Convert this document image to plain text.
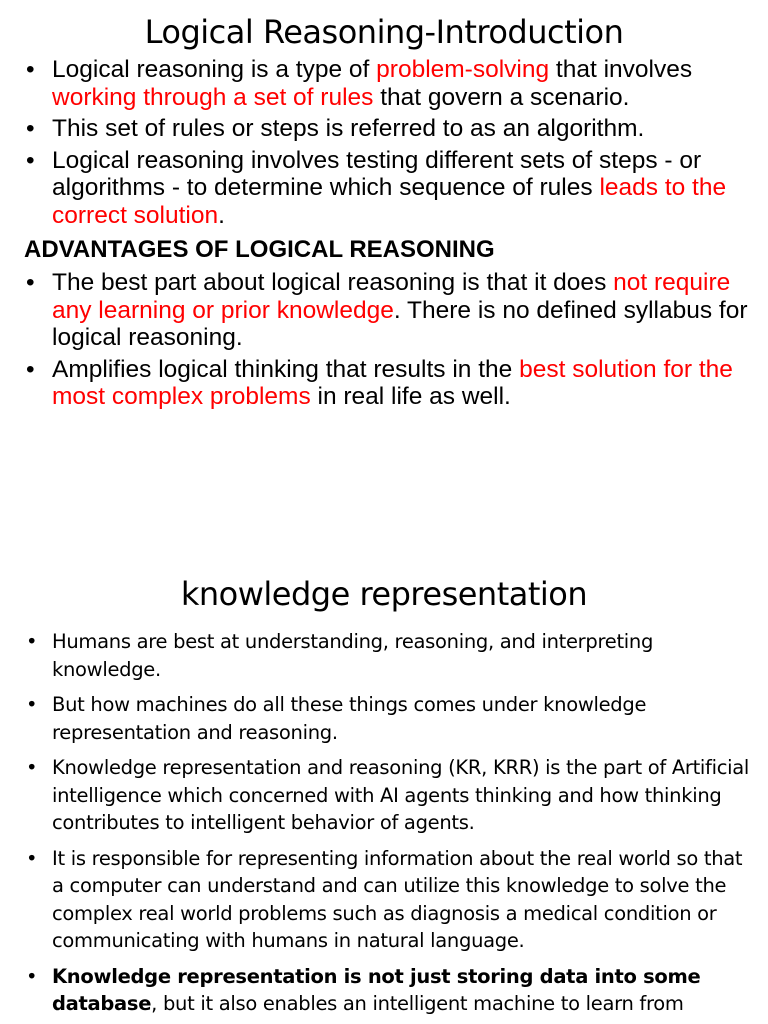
Logical Reasoning-Introduction
• Logical reasoning is a type of problem-solving that involves working through a set of rules that govern a scenario.
• This set of rules or steps is referred to as an algorithm.
• Logical reasoning involves testing different sets of steps - or algorithms - to determine which sequence of rules leads to the correct solution.
ADVANTAGES OF LOGICAL REASONING
• The best part about logical reasoning is that it does not require any learning or prior knowledge. There is no defined syllabus for logical reasoning.
• Amplifies logical thinking that results in the best solution for the most complex problems in real life as well.
knowledge representation
• Humans are best at understanding, reasoning, and interpreting knowledge.
• But how machines do all these things comes under knowledge representation and reasoning.
• Knowledge representation and reasoning (KR, KRR) is the part of Artificial intelligence which concerned with AI agents thinking and how thinking contributes to intelligent behavior of agents.
• It is responsible for representing information about the real world so that a computer can understand and can utilize this knowledge to solve the complex real world problems such as diagnosis a medical condition or communicating with humans in natural language.
• Knowledge representation is not just storing data into some database, but it also enables an intelligent machine to learn from
